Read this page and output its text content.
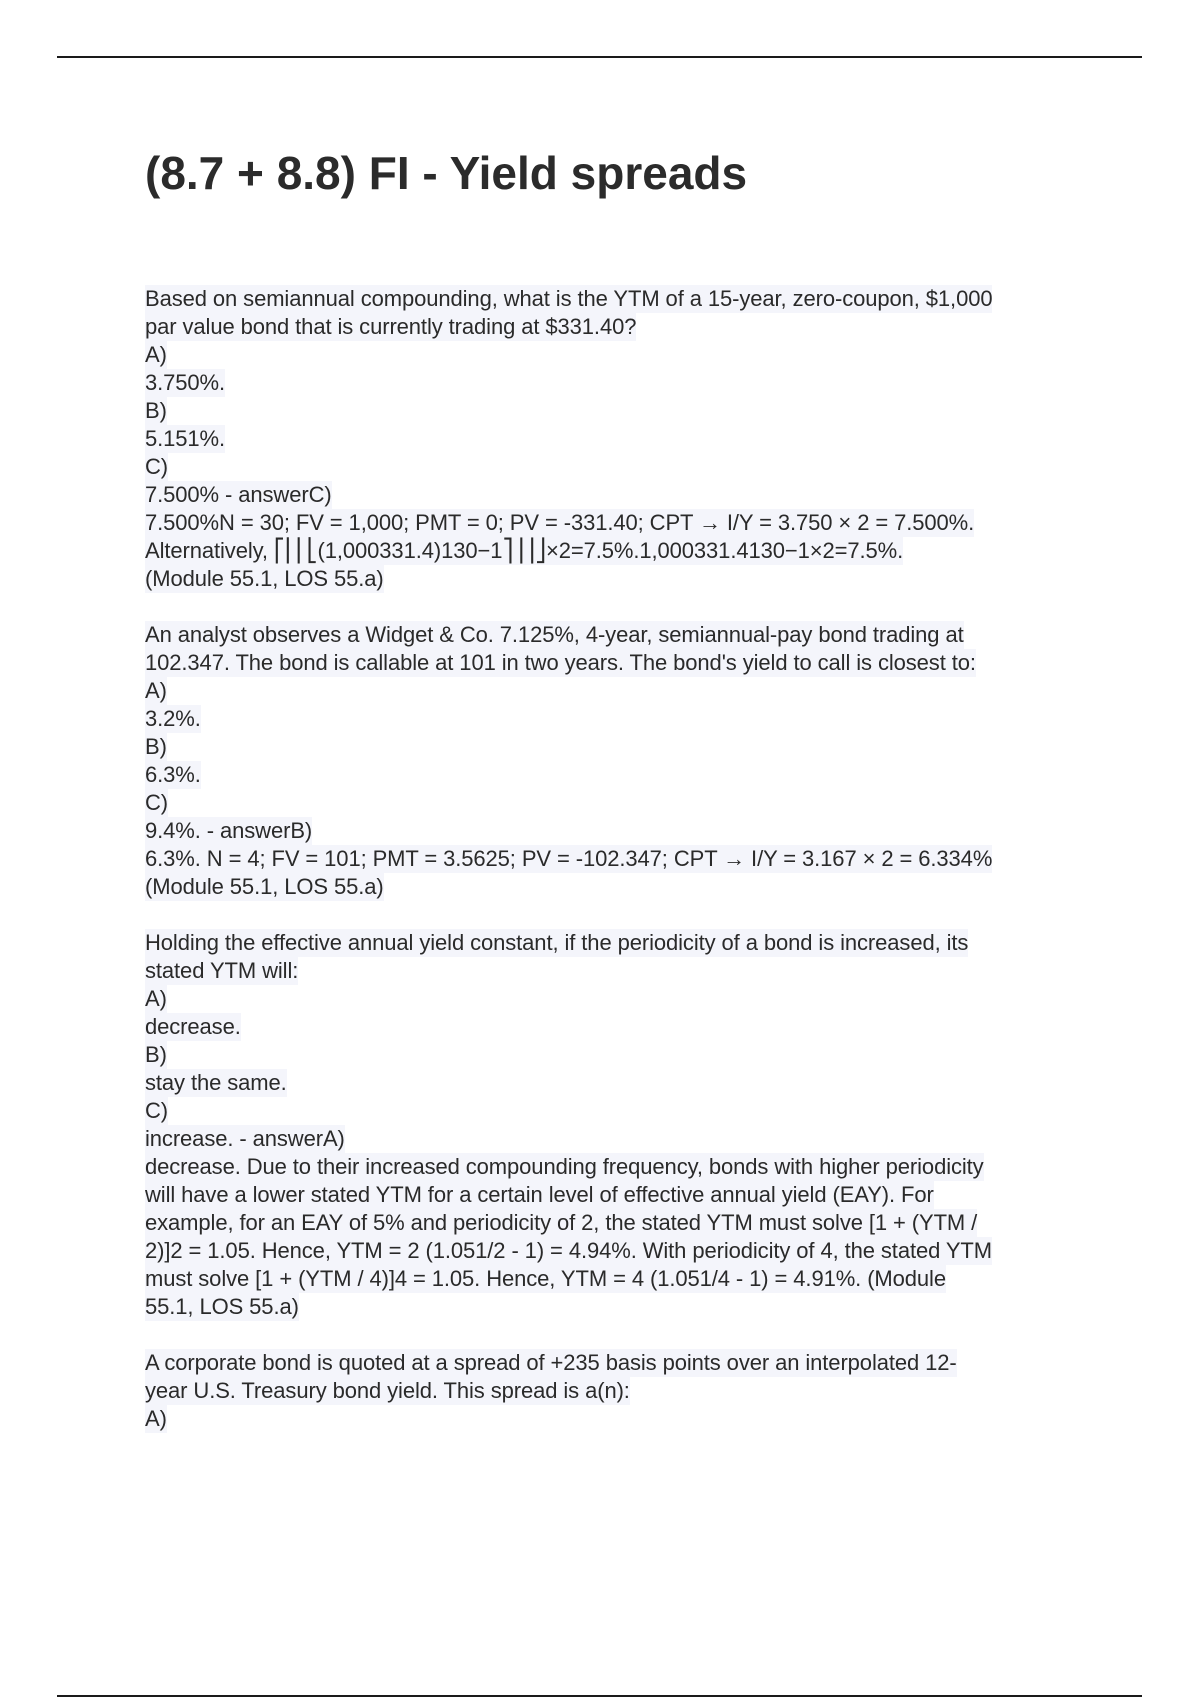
(8.7 + 8.8) FI - Yield spreads
Based on semiannual compounding, what is the YTM of a 15-year, zero-coupon, $1,000
par value bond that is currently trading at $331.40?
A)
3.750%.
B)
5.151%.
C)
7.500% - answerC)
7.500%N = 30; FV = 1,000; PMT = 0; PV = -331.40; CPT → I/Y = 3.750 × 2 = 7.500%.
Alternatively, ⎡⎢⎢⎣(1,000331.4)130−1⎤⎥⎥⎦×2=7.5%.1,000331.4130−1×2=7.5%.
(Module 55.1, LOS 55.a)
An analyst observes a Widget & Co. 7.125%, 4-year, semiannual-pay bond trading at
102.347. The bond is callable at 101 in two years. The bond's yield to call is closest to:
A)
3.2%.
B)
6.3%.
C)
9.4%. - answerB)
6.3%. N = 4; FV = 101; PMT = 3.5625; PV = -102.347; CPT → I/Y = 3.167 × 2 = 6.334%
(Module 55.1, LOS 55.a)
Holding the effective annual yield constant, if the periodicity of a bond is increased, its
stated YTM will:
A)
decrease.
B)
stay the same.
C)
increase. - answerA)
decrease. Due to their increased compounding frequency, bonds with higher periodicity
will have a lower stated YTM for a certain level of effective annual yield (EAY). For
example, for an EAY of 5% and periodicity of 2, the stated YTM must solve [1 + (YTM /
2)]2 = 1.05. Hence, YTM = 2 (1.051/2 - 1) = 4.94%. With periodicity of 4, the stated YTM
must solve [1 + (YTM / 4)]4 = 1.05. Hence, YTM = 4 (1.051/4 - 1) = 4.91%. (Module
55.1, LOS 55.a)
A corporate bond is quoted at a spread of +235 basis points over an interpolated 12-
year U.S. Treasury bond yield. This spread is a(n):
A)
